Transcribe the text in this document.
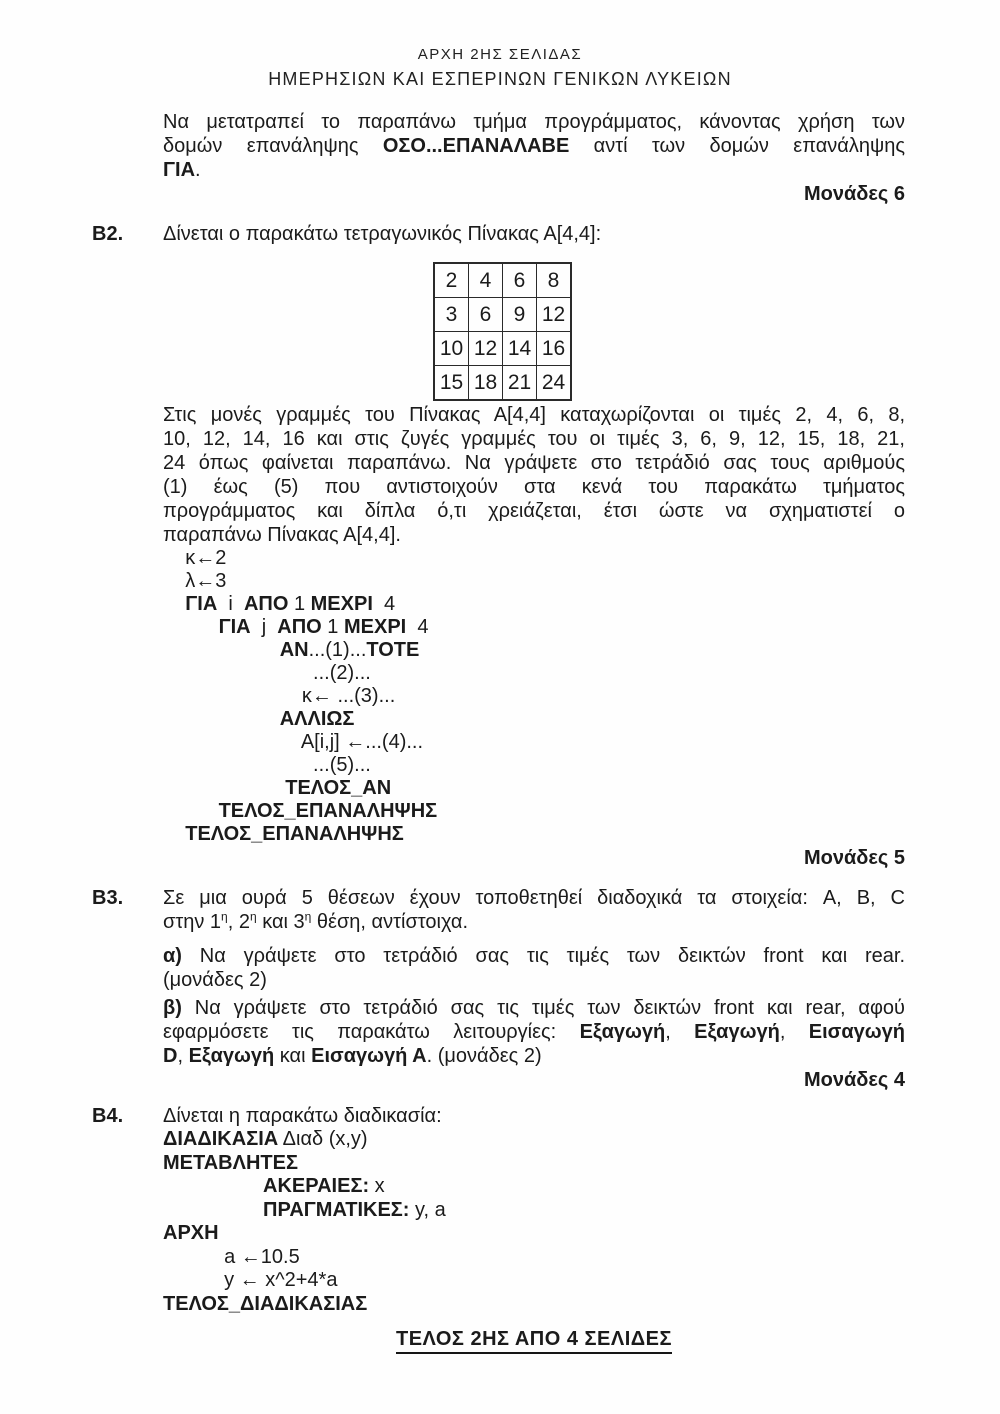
ΑΡΧΗ 2ΗΣ ΣΕΛΙΔΑΣ
ΗΜΕΡΗΣΙΩΝ ΚΑΙ ΕΣΠΕΡΙΝΩΝ ΓΕΝΙΚΩΝ ΛΥΚΕΙΩΝ
Να μετατραπεί το παραπάνω τμήμα προγράμματος, κάνοντας χρήση των
δομών επανάληψης ΟΣΟ...ΕΠΑΝΑΛΑΒΕ αντί των δομών επανάληψης
ΓΙΑ.
Μονάδες 6
Β2. Δίνεται ο παρακάτω τετραγωνικός Πίνακας Α[4,4]:
2	4	6	8
3	6	9	12
10	12	14	16
15	18	21	24
Στις μονές γραμμές του Πίνακας Α[4,4] καταχωρίζονται οι τιμές 2, 4, 6, 8,
10, 12, 14, 16 και στις ζυγές γραμμές του οι τιμές 3, 6, 9, 12, 15, 18, 21,
24 όπως φαίνεται παραπάνω. Να γράψετε στο τετράδιό σας τους αριθμούς
(1) έως (5) που αντιστοιχούν στα κενά του παρακάτω τμήματος
προγράμματος και δίπλα ό,τι χρειάζεται, έτσι ώστε να σχηματιστεί ο
παραπάνω Πίνακας Α[4,4].
κ←2
λ←3
ΓΙΑ  i  ΑΠΟ 1 ΜΕΧΡΙ  4
ΓΙΑ  j  ΑΠΟ 1 ΜΕΧΡΙ  4
ΑΝ...(1)...ΤΟΤΕ
...(2)...
κ← ...(3)...
ΑΛΛΙΩΣ
Α[i,j] ←...(4)...
...(5)...
ΤΕΛΟΣ_ΑΝ
ΤΕΛΟΣ_ΕΠΑΝΑΛΗΨΗΣ
ΤΕΛΟΣ_ΕΠΑΝΑΛΗΨΗΣ
Μονάδες 5
Β3. Σε μια ουρά 5 θέσεων έχουν τοποθετηθεί διαδοχικά τα στοιχεία: A, B, C
στην $1^\eta$, $2^\eta$ και $3^\eta$ θέση, αντίστοιχα.
α) Να γράψετε στο τετράδιό σας τις τιμές των δεικτών front και rear.
(μονάδες 2)
β) Να γράψετε στο τετράδιό σας τις τιμές των δεικτών front και rear, αφού
εφαρμόσετε τις παρακάτω λειτουργίες: Εξαγωγή, Εξαγωγή, Εισαγωγή
D, Εξαγωγή και Εισαγωγή Α. (μονάδες 2)
Μονάδες 4
Β4. Δίνεται η παρακάτω διαδικασία:
ΔΙΑΔΙΚΑΣΙΑ Διαδ (x,y)
ΜΕΤΑΒΛΗΤΕΣ
ΑΚΕΡΑΙΕΣ: x
ΠΡΑΓΜΑΤΙΚΕΣ: y, a
ΑΡΧΗ
a ←10.5
y ← x^2+4*a
ΤΕΛΟΣ_ΔΙΑΔΙΚΑΣΙΑΣ
ΤΕΛΟΣ 2ΗΣ ΑΠΟ 4 ΣΕΛΙΔΕΣ
